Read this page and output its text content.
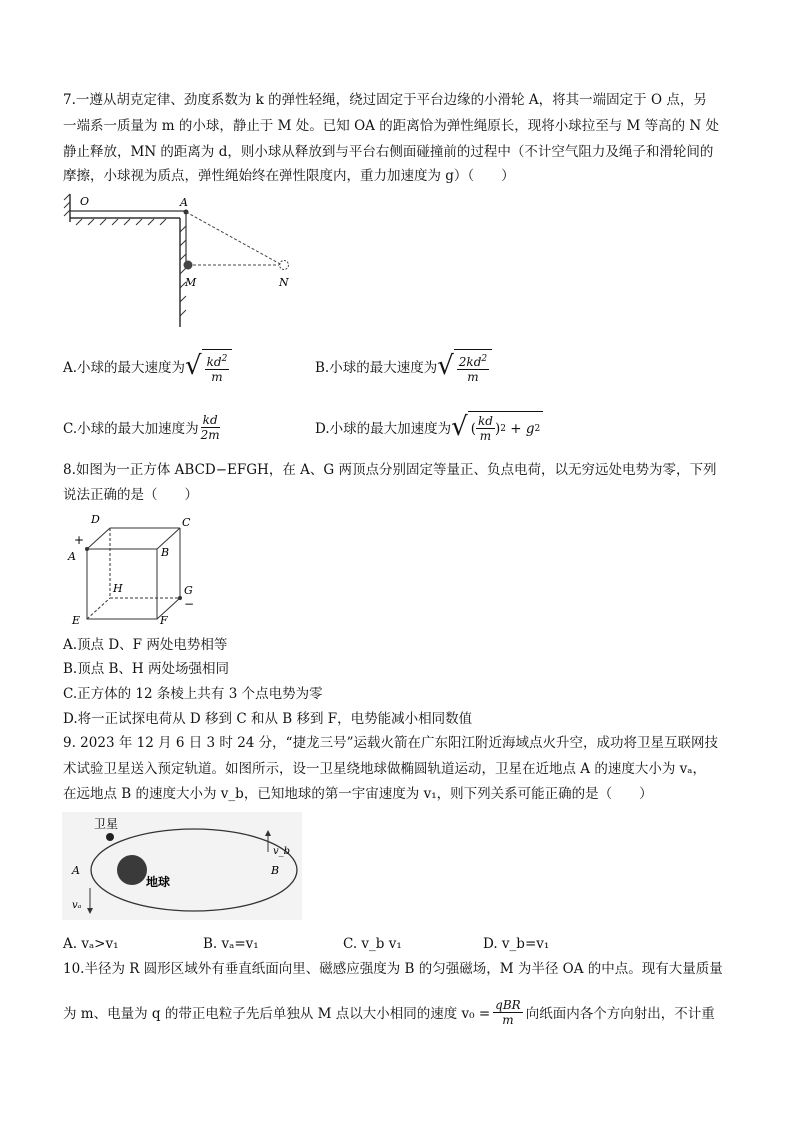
7.一遵从胡克定律、劲度系数为 k 的弹性轻绳，绕过固定于平台边缘的小滑轮 A，将其一端固定于 O 点，另
一端系一质量为 m 的小球，静止于 M 处。已知 OA 的距离恰为弹性绳原长，现将小球拉至与 M 等高的 N 处
静止释放，MN 的距离为 d，则小球从释放到与平台右侧面碰撞前的过程中（不计空气阻力及绳子和滑轮间的
摩擦，小球视为质点，弹性绳始终在弹性限度内，重力加速度为 g）（　　）
O	A
M	N
A.小球的最大速度为 √ $\frac{kd^2}{m}$	B.小球的最大速度为 √ $\frac{2kd^2}{m}$
C.小球的最大加速度为 $\frac{kd}{2m}$	D.小球的最大加速度为 √ ( $\frac{kd}{m}$ ) 2
+ g 2
8.如图为一正方体 ABCD−EFGH，在 A、G 两顶点分别固定等量正、负点电荷，以无穷远处电势为零，下列
说法正确的是（　　）
D	C
B
+
A
H	G
−
E	F
A.顶点 D、F 两处电势相等
B.顶点 B、H 两处场强相同
C.正方体的 12 条棱上共有 3 个点电势为零
D.将一正试探电荷从 D 移到 C 和从 B 移到 F，电势能减小相同数值
9. 2023 年 12 月 6 日 3 时 24 分，“捷龙三号”运载火箭在广东阳江附近海域点火升空，成功将卫星互联网技
术试验卫星送入预定轨道。如图所示，设一卫星绕地球做椭圆轨道运动，卫星在近地点 A 的速度大小为 vₐ，
在远地点 B 的速度大小为 v_b，已知地球的第一宇宙速度为 v₁，则下列关系可能正确的是（　　）
卫星
地球
A	B
vₐ
v_b
A. vₐ>v₁	B. vₐ=v₁	C. v_b v₁	D. v_b=v₁
10.半径为 R 圆形区域外有垂直纸面向里、磁感应强度为 B 的匀强磁场，M 为半径 OA 的中点。现有大量质量
为 m、电量为 q 的带正电粒子先后单独从 M 点以大小相同的速度 $v_0 = \frac{\text{qBR}}{m}$ 向纸面内各个方向射出，不计重
